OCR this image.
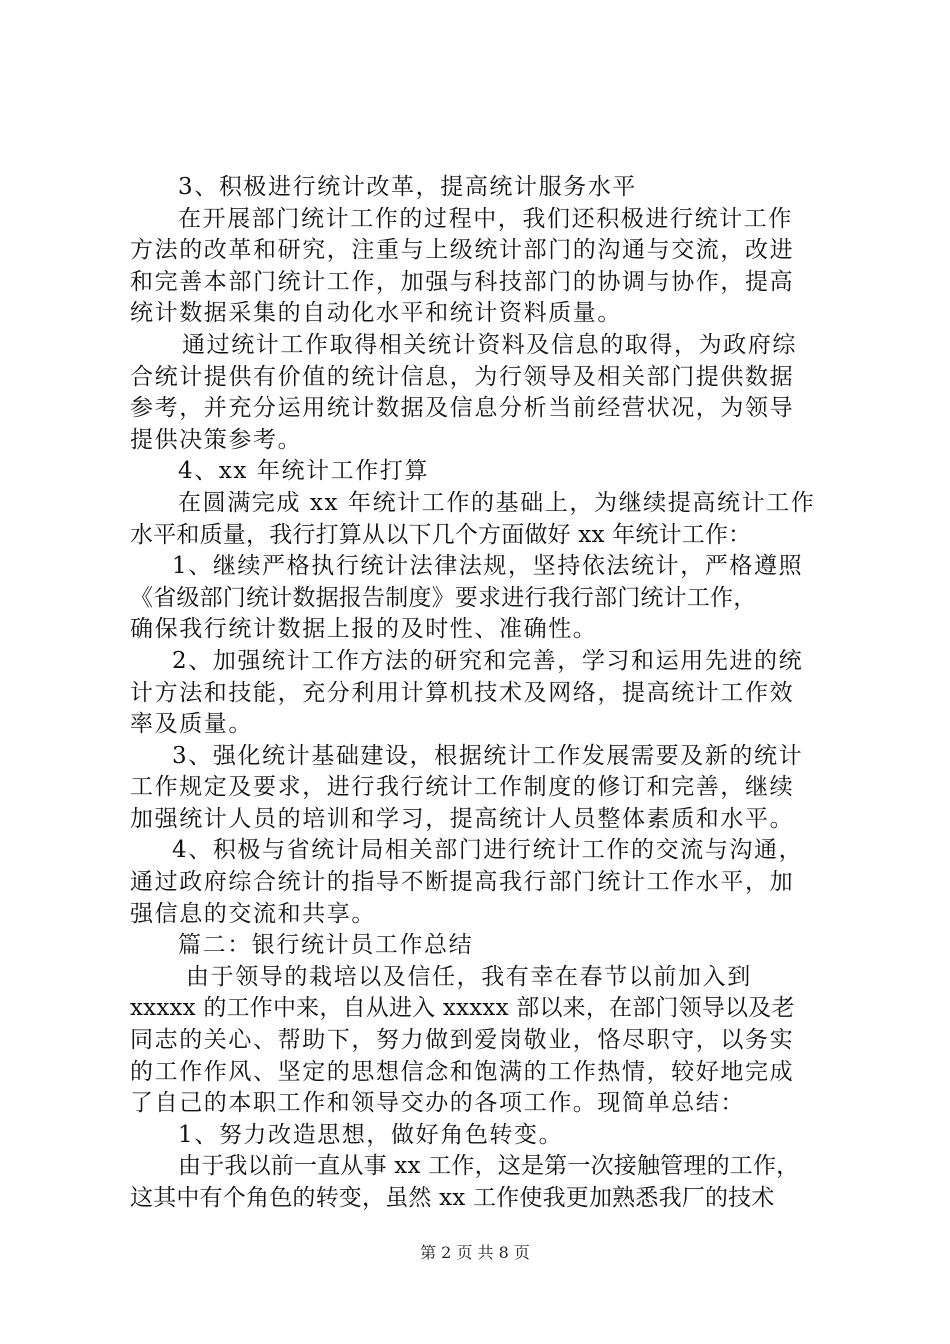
3、积极进行统计改革，提高统计服务水平
在开展部门统计工作的过程中，我们还积极进行统计工作
方法的改革和研究，注重与上级统计部门的沟通与交流，改进
和完善本部门统计工作，加强与科技部门的协调与协作，提高
统计数据采集的自动化水平和统计资料质量。
通过统计工作取得相关统计资料及信息的取得，为政府综
合统计提供有价值的统计信息，为行领导及相关部门提供数据
参考，并充分运用统计数据及信息分析当前经营状况，为领导
提供决策参考。
4、xx 年统计工作打算
在圆满完成 xx 年统计工作的基础上，为继续提高统计工作
水平和质量，我行打算从以下几个方面做好 xx 年统计工作：
1、继续严格执行统计法律法规，坚持依法统计，严格遵照
《省级部门统计数据报告制度》要求进行我行部门统计工作，
确保我行统计数据上报的及时性、准确性。
2、加强统计工作方法的研究和完善，学习和运用先进的统
计方法和技能，充分利用计算机技术及网络，提高统计工作效
率及质量。
3、强化统计基础建设，根据统计工作发展需要及新的统计
工作规定及要求，进行我行统计工作制度的修订和完善，继续
加强统计人员的培训和学习，提高统计人员整体素质和水平。
4、积极与省统计局相关部门进行统计工作的交流与沟通，
通过政府综合统计的指导不断提高我行部门统计工作水平，加
强信息的交流和共享。
篇二：银行统计员工作总结
由于领导的栽培以及信任，我有幸在春节以前加入到
xxxxx 的工作中来，自从进入 xxxxx 部以来，在部门领导以及老
同志的关心、帮助下，努力做到爱岗敬业，恪尽职守，以务实
的工作作风、坚定的思想信念和饱满的工作热情，较好地完成
了自己的本职工作和领导交办的各项工作。现简单总结：
1、努力改造思想，做好角色转变。
由于我以前一直从事 xx 工作，这是第一次接触管理的工作，
这其中有个角色的转变，虽然 xx 工作使我更加熟悉我厂的技术
第 2 页 共 8 页
